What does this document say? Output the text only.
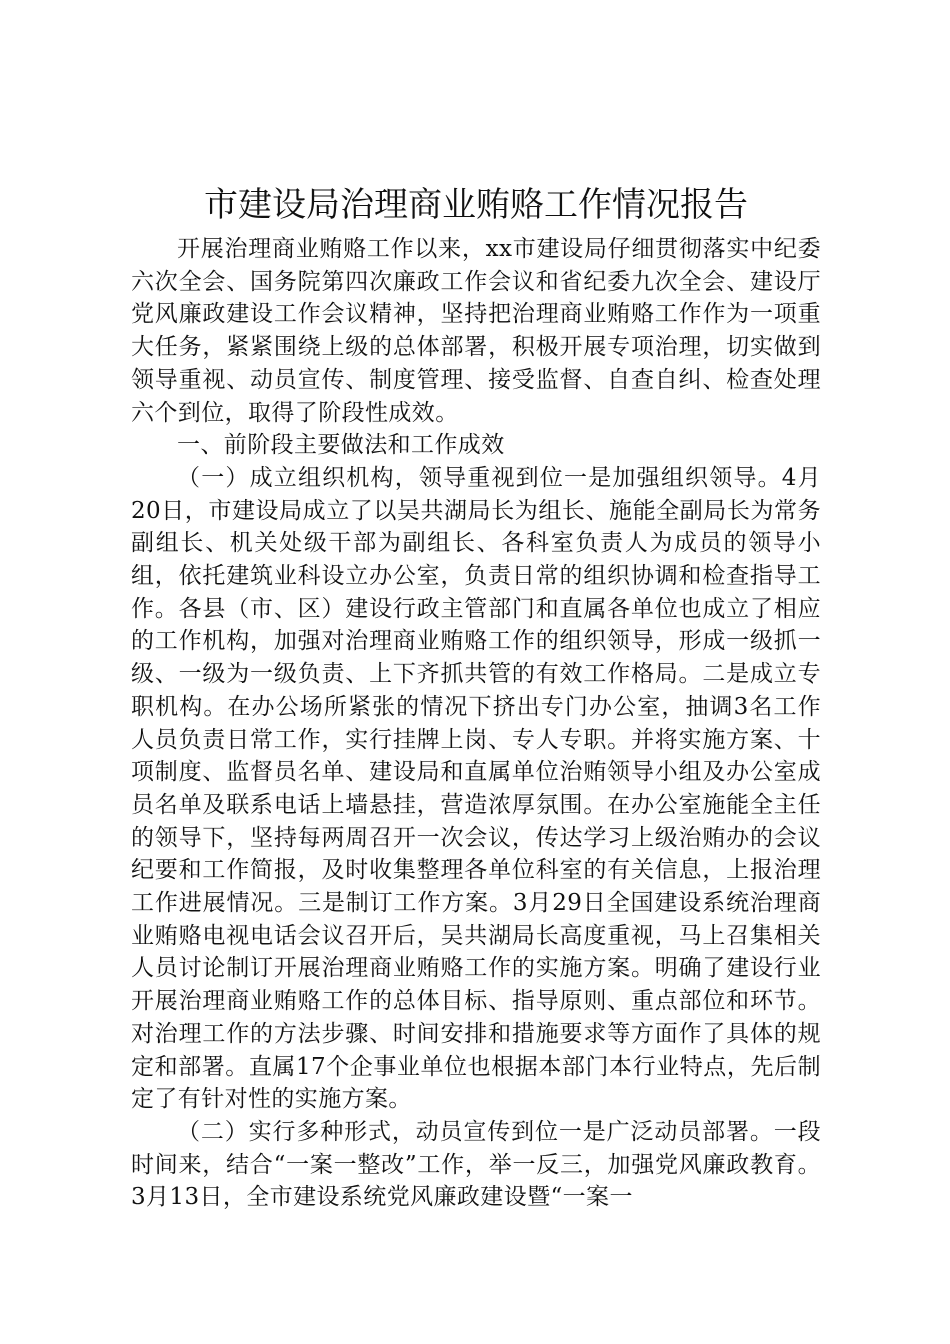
市建设局治理商业贿赂工作情况报告

开展治理商业贿赂工作以来，xx市建设局仔细贯彻落实中纪委六次全会、国务院第四次廉政工作会议和省纪委九次全会、建设厅党风廉政建设工作会议精神，坚持把治理商业贿赂工作作为一项重大任务，紧紧围绕上级的总体部署，积极开展专项治理，切实做到领导重视、动员宣传、制度管理、接受监督、自查自纠、检查处理六个到位，取得了阶段性成效。

一、前阶段主要做法和工作成效

（一）成立组织机构，领导重视到位一是加强组织领导。4月20日，市建设局成立了以吴共湖局长为组长、施能全副局长为常务副组长、机关处级干部为副组长、各科室负责人为成员的领导小组，依托建筑业科设立办公室，负责日常的组织协调和检查指导工作。各县（市、区）建设行政主管部门和直属各单位也成立了相应的工作机构，加强对治理商业贿赂工作的组织领导，形成一级抓一级、一级为一级负责、上下齐抓共管的有效工作格局。二是成立专职机构。在办公场所紧张的情况下挤出专门办公室，抽调3名工作人员负责日常工作，实行挂牌上岗、专人专职。并将实施方案、十项制度、监督员名单、建设局和直属单位治贿领导小组及办公室成员名单及联系电话上墙悬挂，营造浓厚氛围。在办公室施能全主任的领导下，坚持每两周召开一次会议，传达学习上级治贿办的会议纪要和工作简报，及时收集整理各单位科室的有关信息，上报治理工作进展情况。三是制订工作方案。3月29日全国建设系统治理商业贿赂电视电话会议召开后，吴共湖局长高度重视，马上召集相关人员讨论制订开展治理商业贿赂工作的实施方案。明确了建设行业开展治理商业贿赂工作的总体目标、指导原则、重点部位和环节。对治理工作的方法步骤、时间安排和措施要求等方面作了具体的规定和部署。直属17个企事业单位也根据本部门本行业特点，先后制定了有针对性的实施方案。

（二）实行多种形式，动员宣传到位一是广泛动员部署。一段时间来，结合“一案一整改”工作，举一反三，加强党风廉政教育。3月13日，全市建设系统党风廉政建设暨“一案一
